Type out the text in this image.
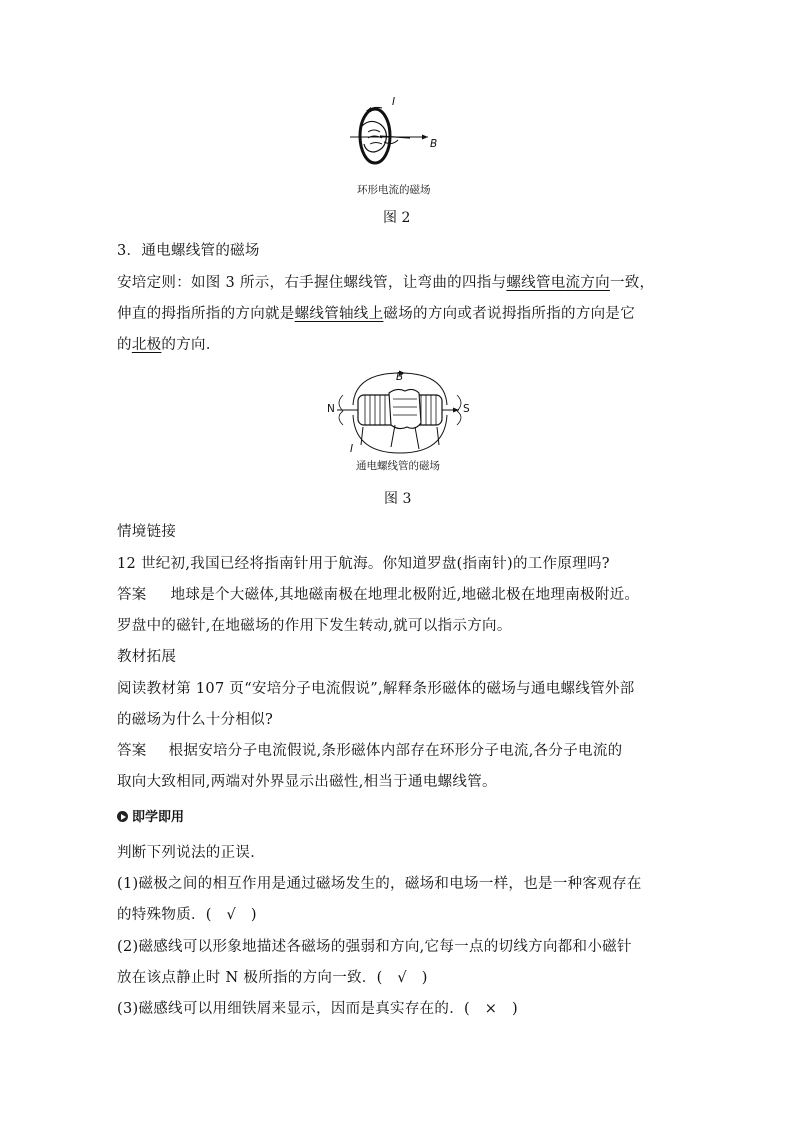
I
B
环形电流的磁场
图 2
3．通电螺线管的磁场
安培定则：如图 3 所示，右手握住螺线管，让弯曲的四指与螺线管电流方向一致，
伸直的拇指所指的方向就是螺线管轴线上磁场的方向或者说拇指所指的方向是它
的北极的方向．
B
N	S
I
通电螺线管的磁场
图 3
情境链接
12 世纪初,我国已经将指南针用于航海。你知道罗盘(指南针)的工作原理吗?
答案 地球是个大磁体,其地磁南极在地理北极附近,地磁北极在地理南极附近。
罗盘中的磁针,在地磁场的作用下发生转动,就可以指示方向。
教材拓展
阅读教材第 107 页“安培分子电流假说”,解释条形磁体的磁场与通电螺线管外部
的磁场为什么十分相似?
答案 根据安培分子电流假说,条形磁体内部存在环形分子电流,各分子电流的
取向大致相同,两端对外界显示出磁性,相当于通电螺线管。
即学即用
判断下列说法的正误．
(1)磁极之间的相互作用是通过磁场发生的，磁场和电场一样，也是一种客观存在
的特殊物质．(　√　)
(2)磁感线可以形象地描述各磁场的强弱和方向,它每一点的切线方向都和小磁针
放在该点静止时 N 极所指的方向一致．(　√　)
(3)磁感线可以用细铁屑来显示，因而是真实存在的．(　×　)
